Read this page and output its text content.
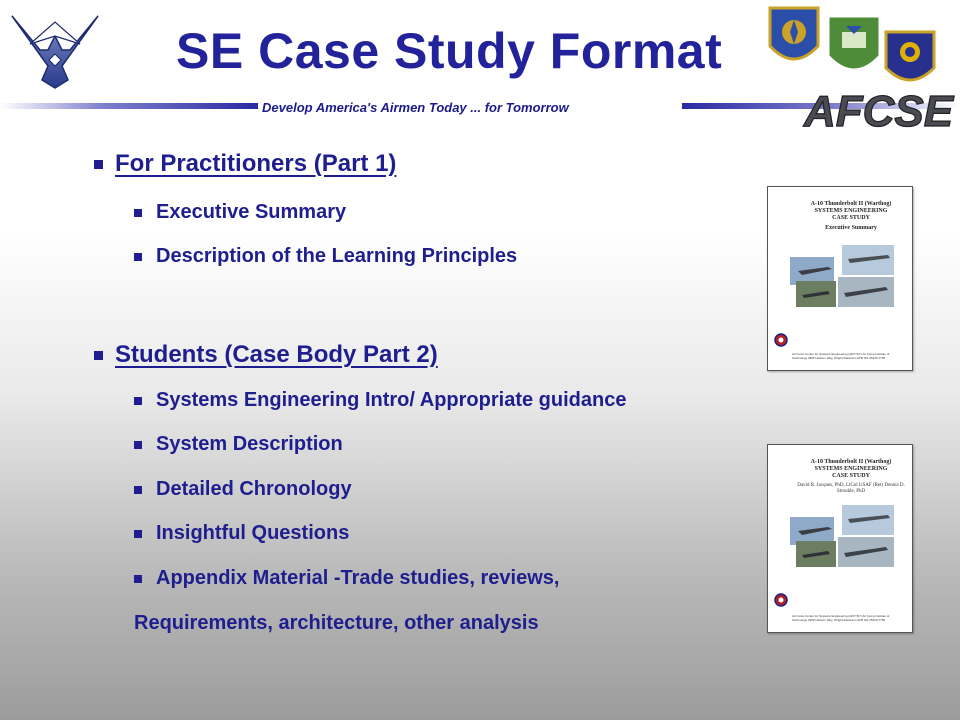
SE Case Study Format
Develop America's Airmen Today ... for Tomorrow	AFCSE
For Practitioners (Part 1)
Executive Summary
Description of the Learning Principles
Students (Case Body Part 2)
Systems Engineering Intro/ Appropriate guidance
System Description
Detailed Chronology
Insightful Questions
Appendix Material -Trade studies, reviews,
Requirements, architecture, other analysis
A-10 Thunderbolt II (Warthog)
SYSTEMS ENGINEERING
CASE STUDY
Executive Summary
Air Force Center for Systems Engineering (AFIT/SY) Air Force Institute of Technology 2950 Hobson Way, Wright-Patterson AFB OH 45433-7765
A-10 Thunderbolt II (Warthog)
SYSTEMS ENGINEERING
CASE STUDY
David R. Jacques, PhD, LtCol USAF (Ret) Dennis D. Strouble, PhD
Air Force Center for Systems Engineering (AFIT/SY) Air Force Institute of Technology 2950 Hobson Way, Wright-Patterson AFB OH 45433-7765
